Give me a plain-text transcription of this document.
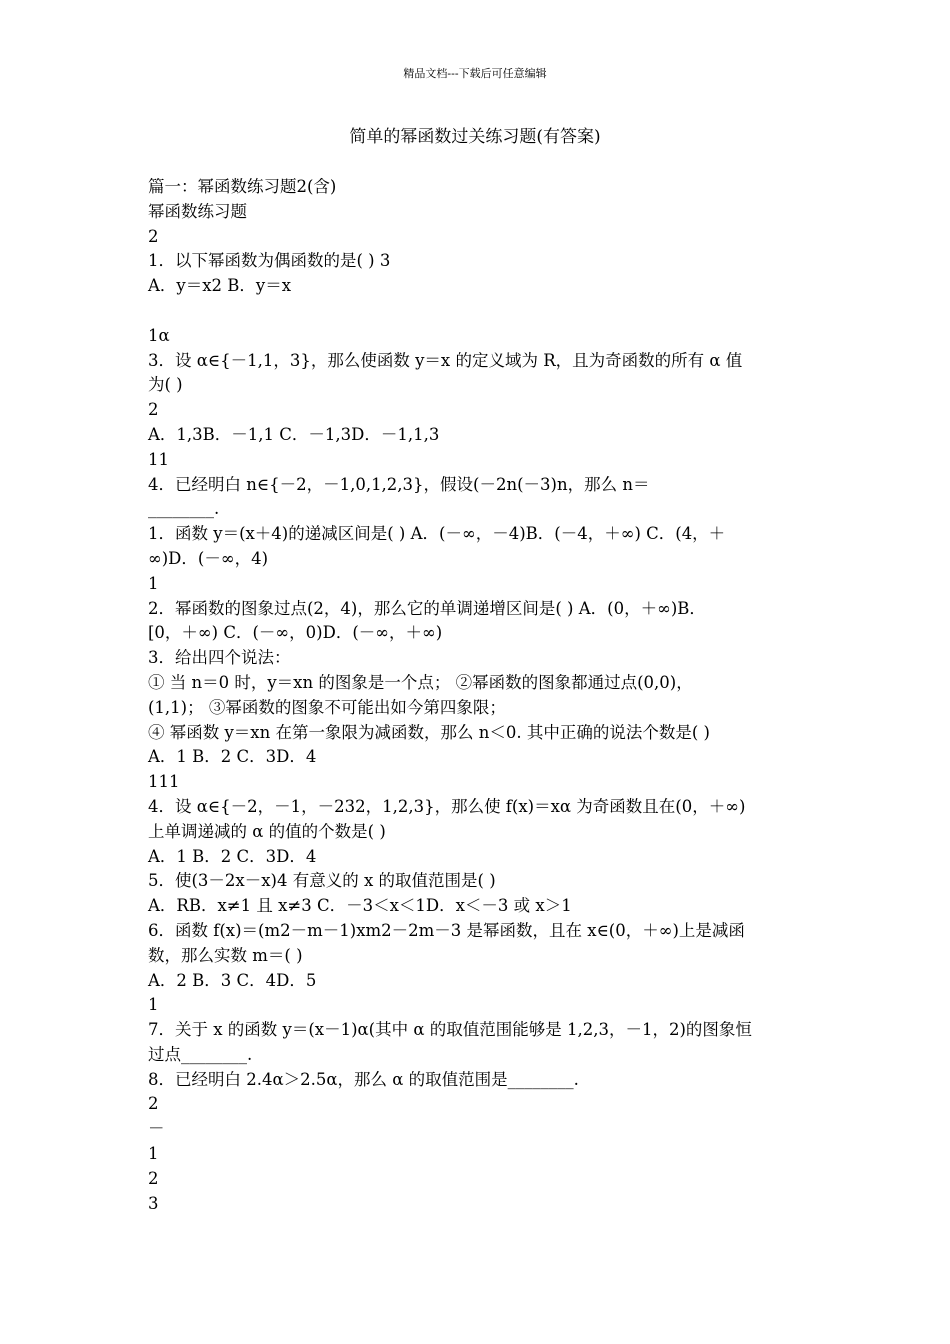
精品文档---下载后可任意编辑
简单的幂函数过关练习题(有答案)
篇一：幂函数练习题2(含)
幂函数练习题
2
1．以下幂函数为偶函数的是( ) 3
A．y＝x2 B．y＝x
1α
3．设 α∈{－1,1，3}，那么使函数 y＝x 的定义域为 R，且为奇函数的所有 α 值
为( )
2
A．1,3B．－1,1 C．－1,3D．－1,1,3
11
4．已经明白 n∈{－2，－1,0,1,2,3}，假设(－2n(－3)n，那么 n＝
________.
1．函数 y＝(x＋4)的递减区间是( ) A．(－∞，－4)B．(－4，＋∞) C．(4，＋
∞)D．(－∞，4)
1
2．幂函数的图象过点(2，4)，那么它的单调递增区间是( ) A．(0，＋∞)B．
[0，＋∞) C．(－∞，0)D．(－∞，＋∞)
3．给出四个说法：
① 当 n＝0 时，y＝xn 的图象是一个点； ②幂函数的图象都通过点(0,0)，
(1,1)； ③幂函数的图象不可能出如今第四象限；
④ 幂函数 y＝xn 在第一象限为减函数，那么 n＜0. 其中正确的说法个数是( )
A．1 B．2 C．3D．4
111
4．设 α∈{－2，－1，－232，1,2,3}，那么使 f(x)＝xα 为奇函数且在(0，＋∞)
上单调递减的 α 的值的个数是( )
A．1 B．2 C．3D．4
5．使(3－2x－x)4 有意义的 x 的取值范围是( )
A．RB．x≠1 且 x≠3 C．－3＜x＜1D．x＜－3 或 x＞1
6．函数 f(x)＝(m2－m－1)xm2－2m－3 是幂函数，且在 x∈(0，＋∞)上是减函
数，那么实数 m＝( )
A．2 B．3 C．4D．5
1
7．关于 x 的函数 y＝(x－1)α(其中 α 的取值范围能够是 1,2,3，－1，2)的图象恒
过点________.
8．已经明白 2.4α＞2.5α，那么 α 的取值范围是________.
2
－
1
2
3
